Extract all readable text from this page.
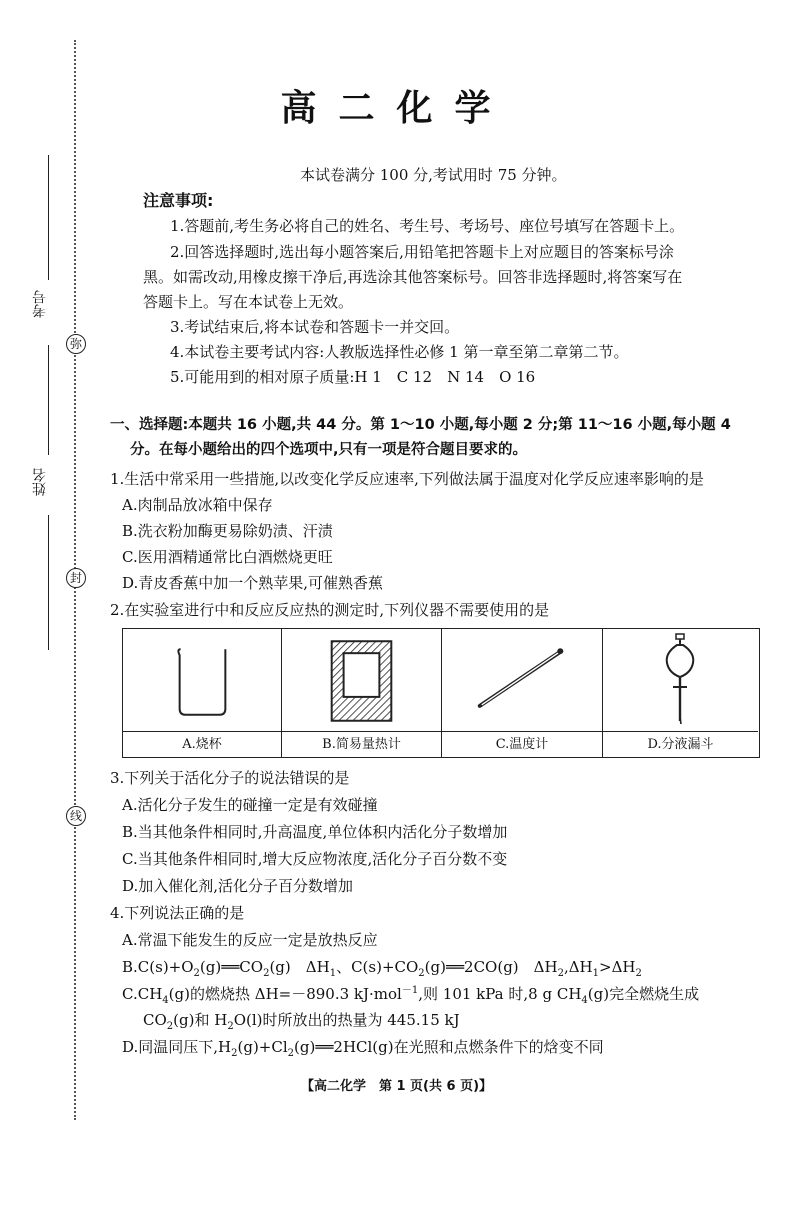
考号
姓名
弥
封
线
高二化学
本试卷满分 100 分,考试用时 75 分钟。
注意事项:
1.答题前,考生务必将自己的姓名、考生号、考场号、座位号填写在答题卡上。
2.回答选择题时,选出每小题答案后,用铅笔把答题卡上对应题目的答案标号涂
黑。如需改动,用橡皮擦干净后,再选涂其他答案标号。回答非选择题时,将答案写在
答题卡上。写在本试卷上无效。
3.考试结束后,将本试卷和答题卡一并交回。
4.本试卷主要考试内容:人教版选择性必修 1 第一章至第二章第二节。
5.可能用到的相对原子质量:H 1　C 12　N 14　O 16
一、选择题:本题共 16 小题,共 44 分。第 1～10 小题,每小题 2 分;第 11～16 小题,每小题 4
分。在每小题给出的四个选项中,只有一项是符合题目要求的。
1.生活中常采用一些措施,以改变化学反应速率,下列做法属于温度对化学反应速率影响的是
A.肉制品放冰箱中保存
B.洗衣粉加酶更易除奶渍、汗渍
C.医用酒精通常比白酒燃烧更旺
D.青皮香蕉中加一个熟苹果,可催熟香蕉
2.在实验室进行中和反应反应热的测定时,下列仪器不需要使用的是
A.烧杯	B.简易量热计	C.温度计	D.分液漏斗
3.下列关于活化分子的说法错误的是
A.活化分子发生的碰撞一定是有效碰撞
B.当其他条件相同时,升高温度,单位体积内活化分子数增加
C.当其他条件相同时,增大反应物浓度,活化分子百分数不变
D.加入催化剂,活化分子百分数增加
4.下列说法正确的是
A.常温下能发生的反应一定是放热反应
$B.C(s)+O_2(g)══CO_2(g)$　$\Delta H_1$、$C(s)+CO_2(g)══2CO(g)$　$\Delta H_2,\Delta H_1>\Delta H_2$
$C.CH_4(g)$的燃烧热 ΔH=－890.3 kJ·mol$^{-1}$,则 101 kPa 时,8 g $CH_4(g)$完全燃烧生成
$CO_2(g)$和 $H_2O(l)$时所放出的热量为 445.15 kJ
D.同温同压下$,H_2(g)+Cl_2(g)══2HCl(g)$在光照和点燃条件下的焓变不同
【高二化学　第 1 页(共 6 页)】
